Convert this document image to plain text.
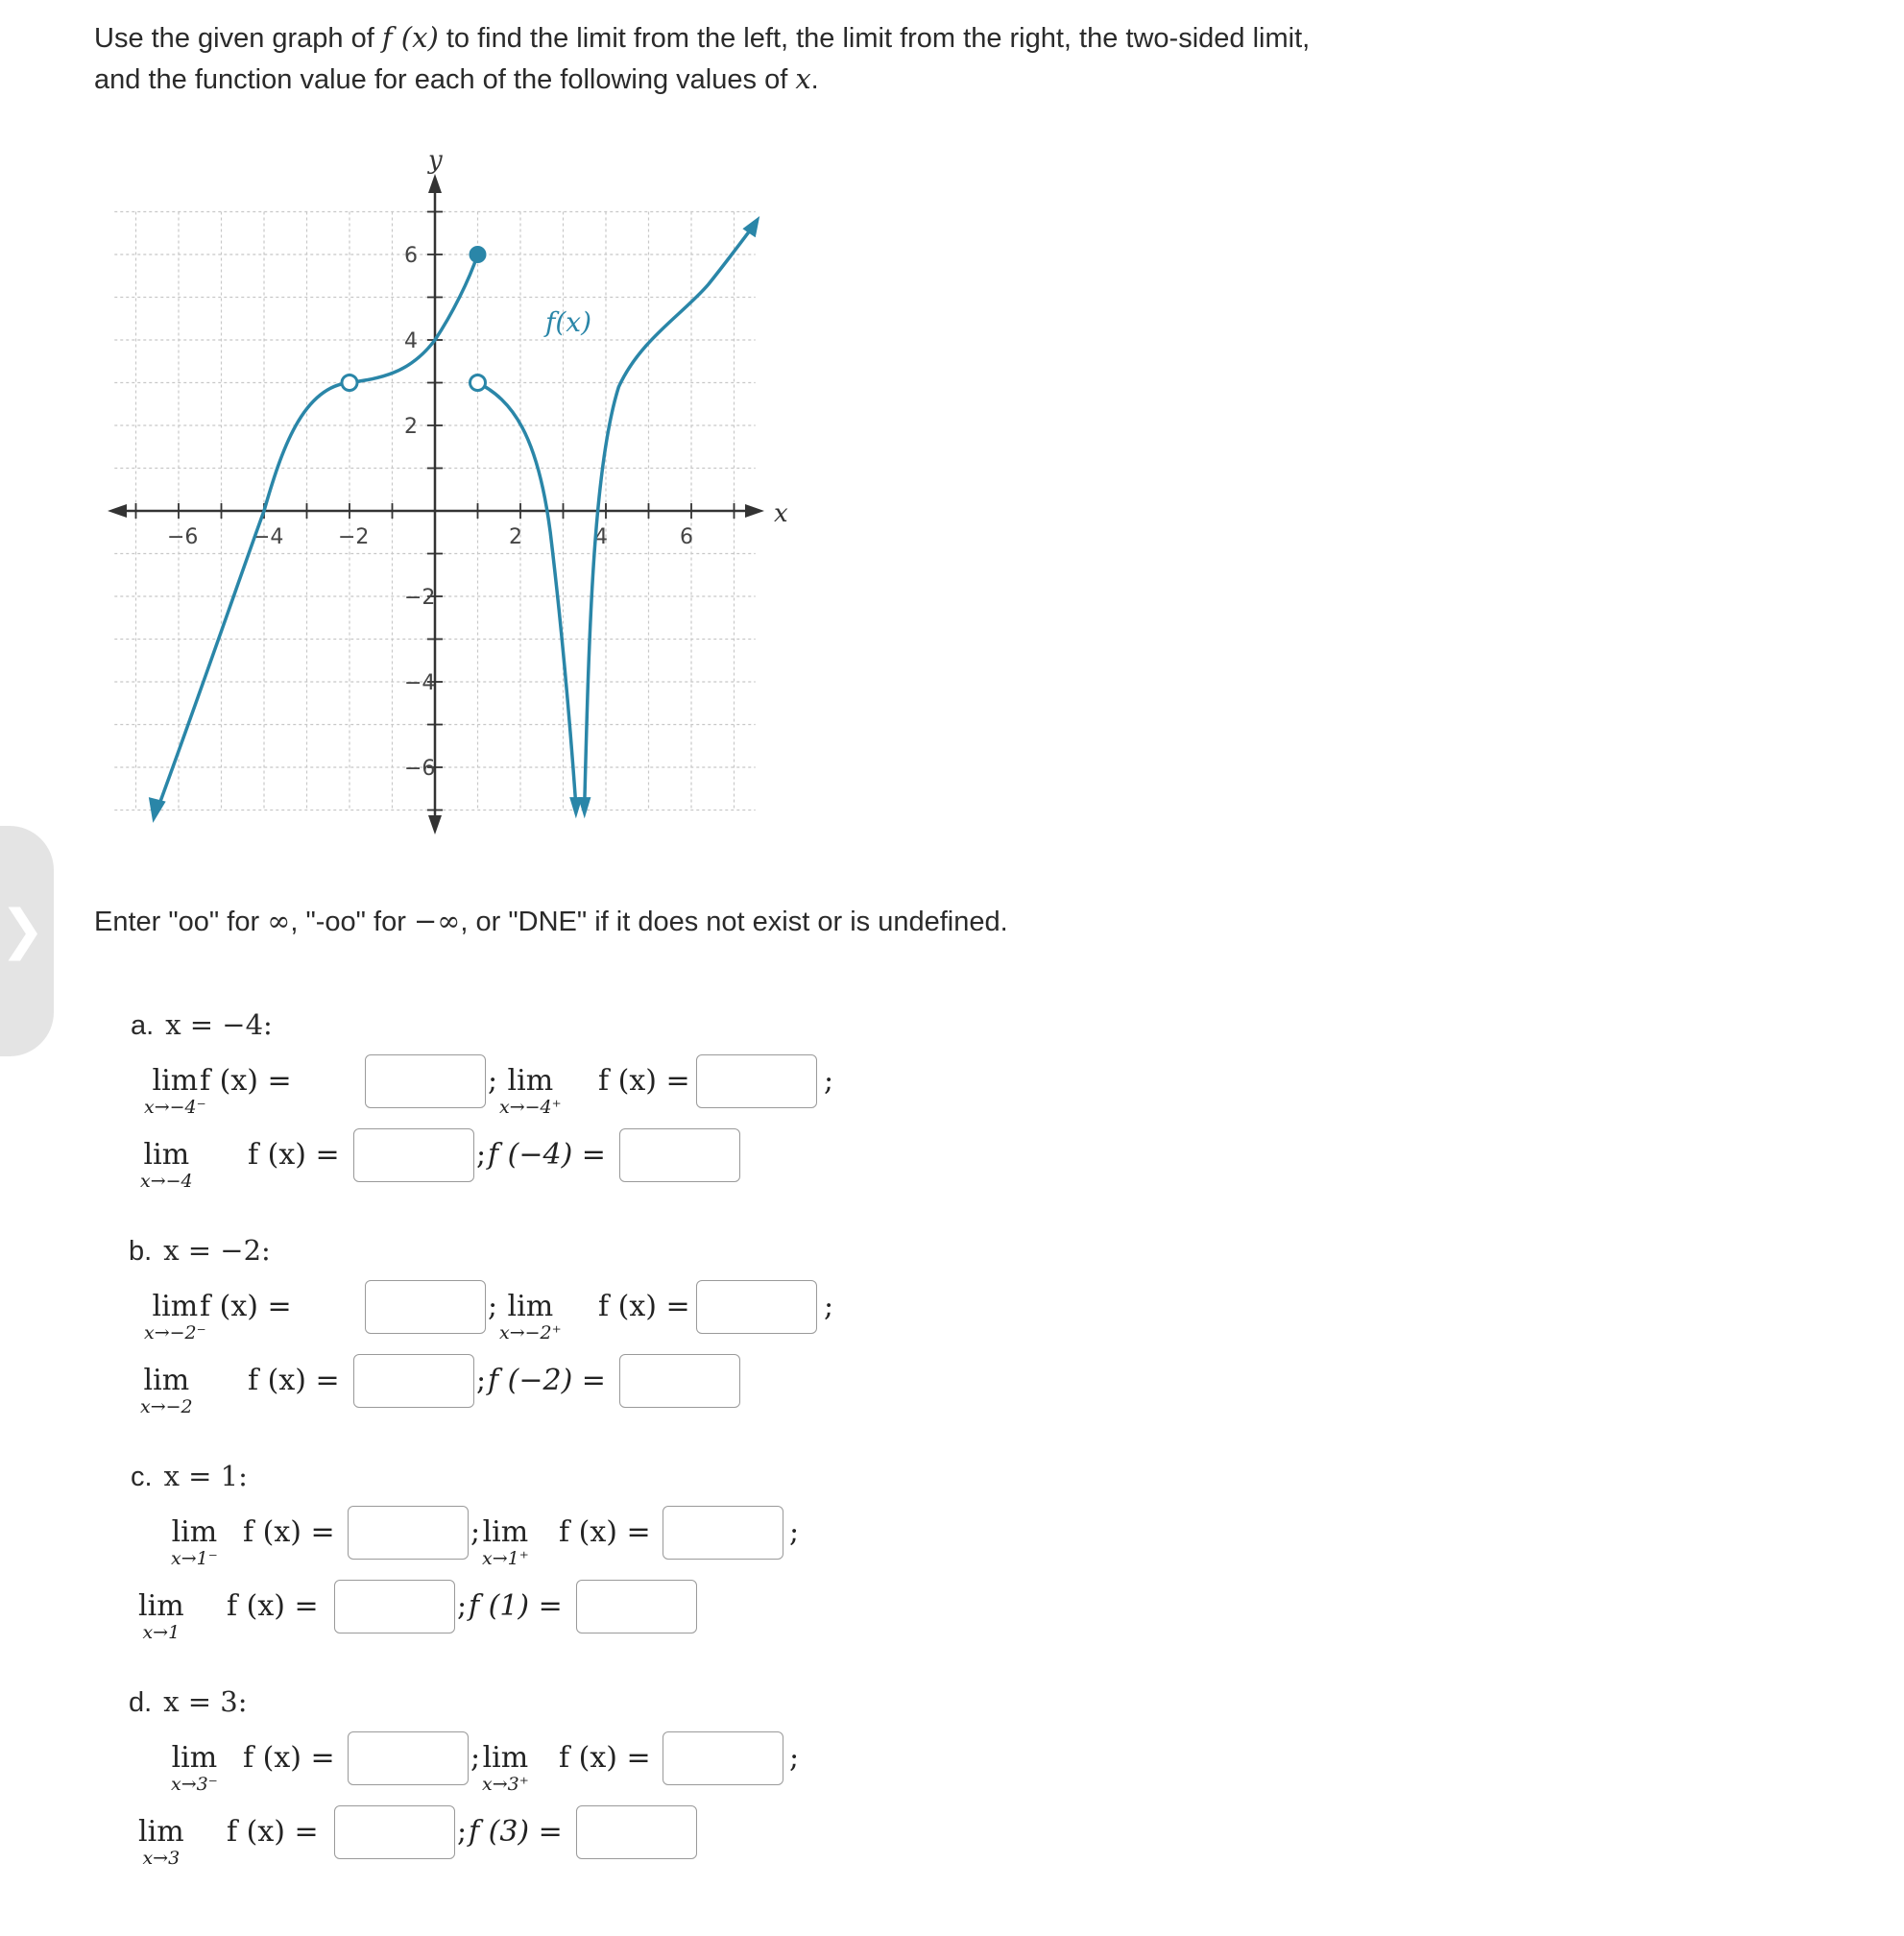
❯
Use the given graph of f (x) to find the limit from the left, the limit from the right, the two-sided limit,
and the function value for each of the following values of x.
x
y
−6	−4	−2	2	4	6
6
4
2
−2
−4
−6
f(x)
Enter "oo" for ∞, "-oo" for −∞, or "DNE" if it does not exist or is undefined.
a. x = −4:
lim
x→−4⁻
f (x) =	; lim
x→−4⁺
f (x) =	;
lim
x→−4
f (x) =	; f (−4) =
b. x = −2:
lim
x→−2⁻
f (x) =	; lim
x→−2⁺
f (x) =	;
lim
x→−2
f (x) =	; f (−2) =
c. x = 1:
lim
x→1⁻
f (x) =	; lim
x→1⁺
f (x) =	;
lim
x→1
f (x) =	; f (1) =
d. x = 3:
lim
x→3⁻
f (x) =	; lim
x→3⁺
f (x) =	;
lim
x→3
f (x) =	; f (3) =
